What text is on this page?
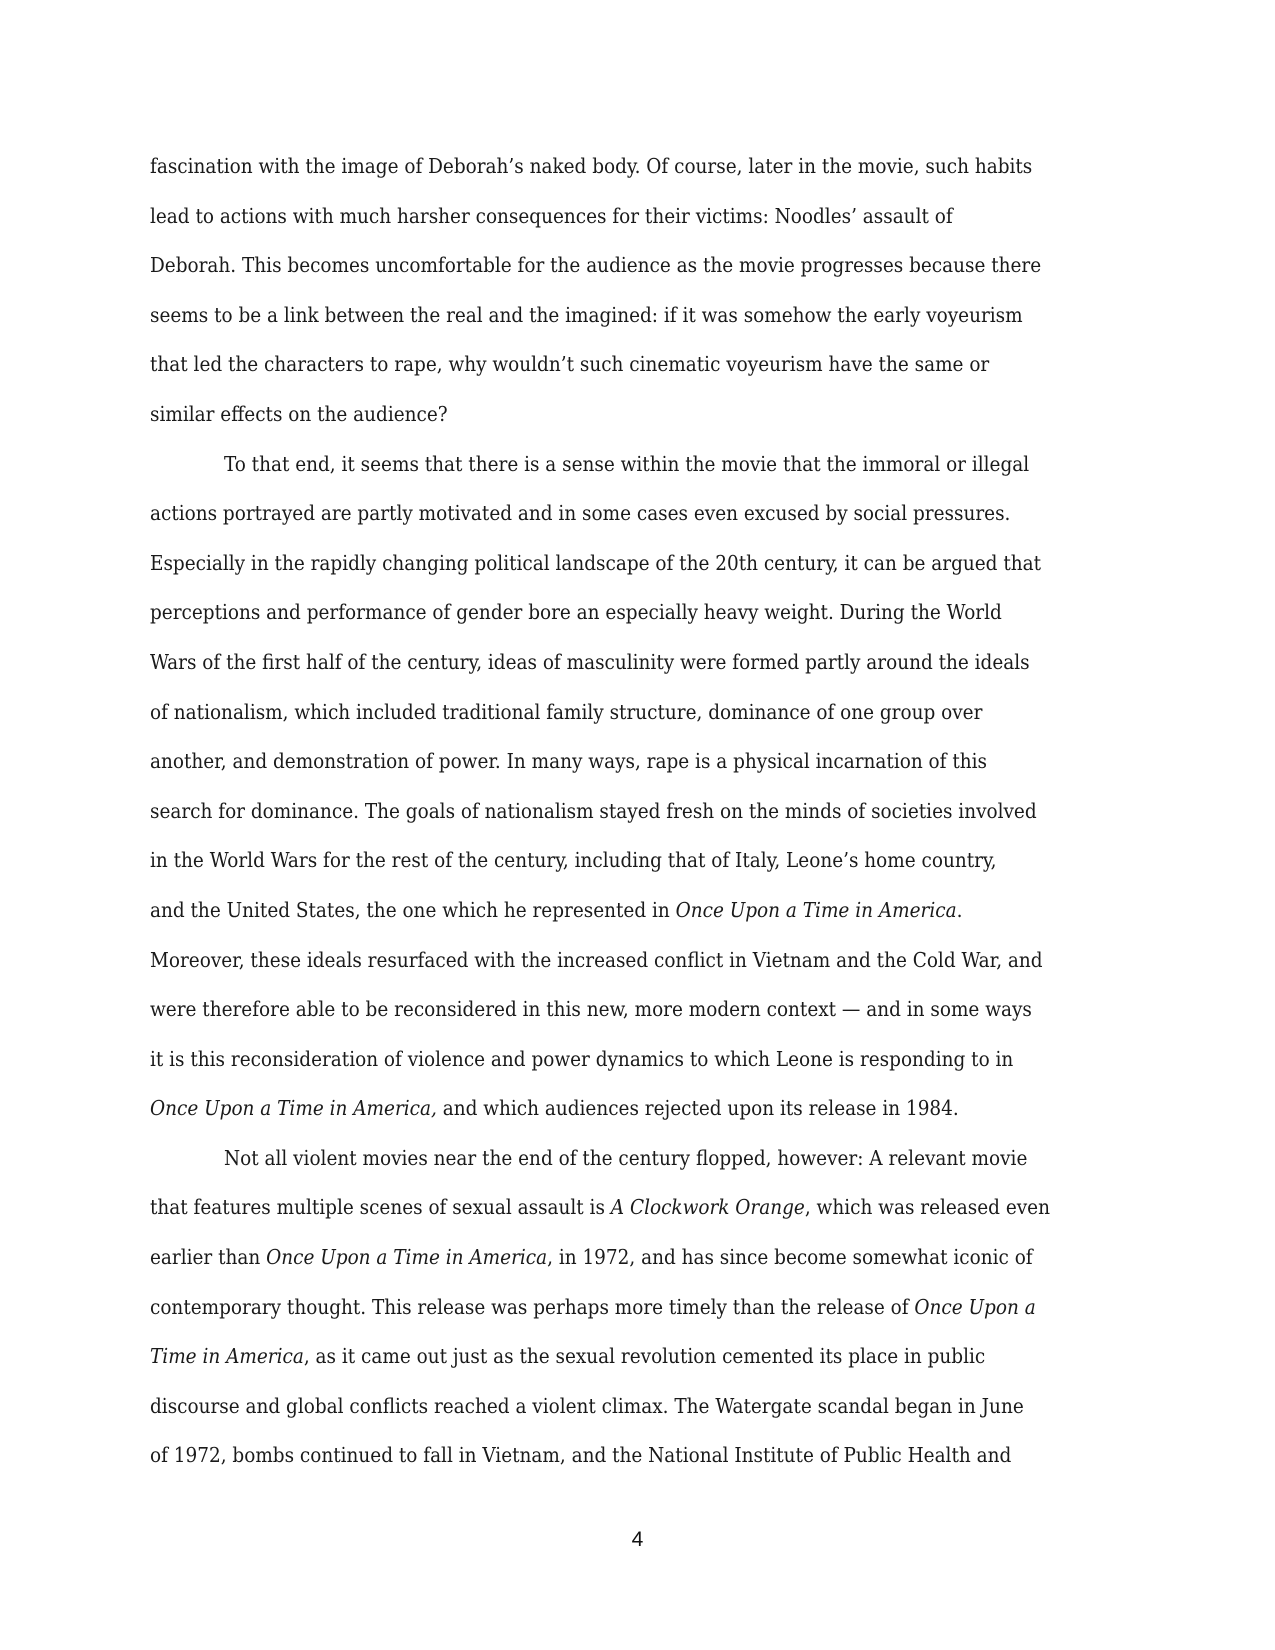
fascination with the image of Deborah’s naked body. Of course, later in the movie, such habits
lead to actions with much harsher consequences for their victims: Noodles’ assault of
Deborah. This becomes uncomfortable for the audience as the movie progresses because there
seems to be a link between the real and the imagined: if it was somehow the early voyeurism
that led the characters to rape, why wouldn’t such cinematic voyeurism have the same or
similar effects on the audience?
To that end, it seems that there is a sense within the movie that the immoral or illegal
actions portrayed are partly motivated and in some cases even excused by social pressures.
Especially in the rapidly changing political landscape of the 20th century, it can be argued that
perceptions and performance of gender bore an especially heavy weight. During the World
Wars of the first half of the century, ideas of masculinity were formed partly around the ideals
of nationalism, which included traditional family structure, dominance of one group over
another, and demonstration of power. In many ways, rape is a physical incarnation of this
search for dominance. The goals of nationalism stayed fresh on the minds of societies involved
in the World Wars for the rest of the century, including that of Italy, Leone’s home country,
and the United States, the one which he represented in Once Upon a Time in America.
Moreover, these ideals resurfaced with the increased conflict in Vietnam and the Cold War, and
were therefore able to be reconsidered in this new, more modern context — and in some ways
it is this reconsideration of violence and power dynamics to which Leone is responding to in
Once Upon a Time in America, and which audiences rejected upon its release in 1984.
Not all violent movies near the end of the century flopped, however: A relevant movie
that features multiple scenes of sexual assault is A Clockwork Orange, which was released even
earlier than Once Upon a Time in America, in 1972, and has since become somewhat iconic of
contemporary thought. This release was perhaps more timely than the release of Once Upon a
Time in America, as it came out just as the sexual revolution cemented its place in public
discourse and global conflicts reached a violent climax. The Watergate scandal began in June
of 1972, bombs continued to fall in Vietnam, and the National Institute of Public Health and
4
